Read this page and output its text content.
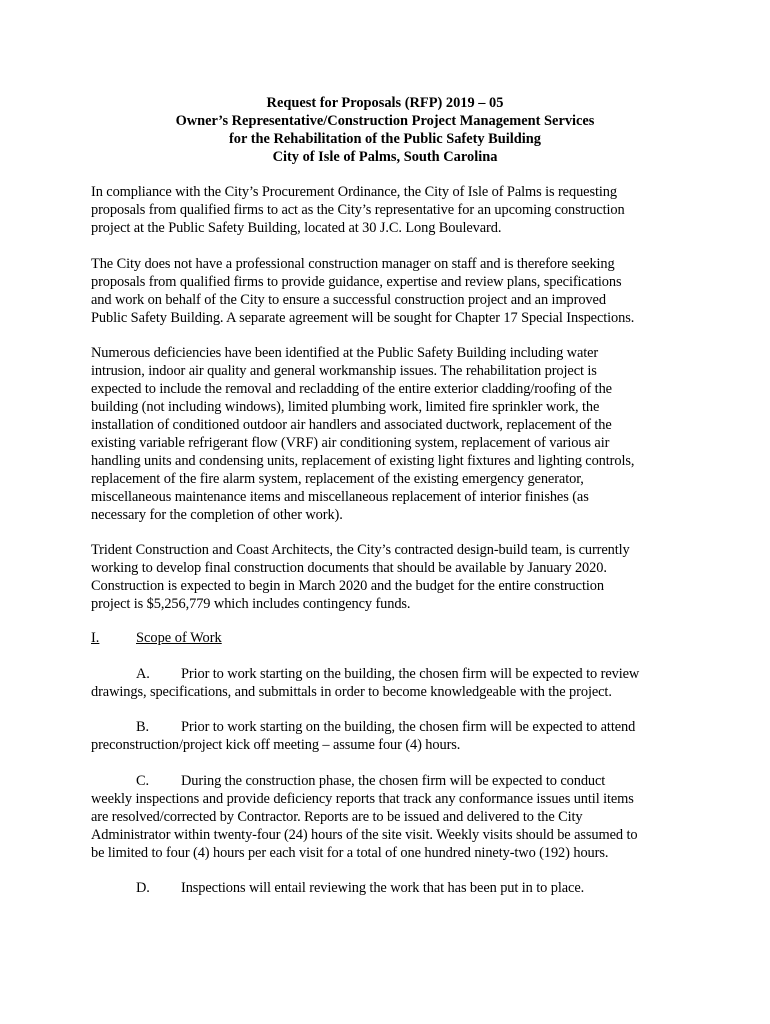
Request for Proposals (RFP) 2019 – 05
Owner’s Representative/Construction Project Management Services
for the Rehabilitation of the Public Safety Building
City of Isle of Palms, South Carolina
In compliance with the City’s Procurement Ordinance, the City of Isle of Palms is requesting
proposals from qualified firms to act as the City’s representative for an upcoming construction
project at the Public Safety Building, located at 30 J.C. Long Boulevard.
The City does not have a professional construction manager on staff and is therefore seeking
proposals from qualified firms to provide guidance, expertise and review plans, specifications
and work on behalf of the City to ensure a successful construction project and an improved
Public Safety Building. A separate agreement will be sought for Chapter 17 Special Inspections.
Numerous deficiencies have been identified at the Public Safety Building including water
intrusion, indoor air quality and general workmanship issues. The rehabilitation project is
expected to include the removal and recladding of the entire exterior cladding/roofing of the
building (not including windows), limited plumbing work, limited fire sprinkler work, the
installation of conditioned outdoor air handlers and associated ductwork, replacement of the
existing variable refrigerant flow (VRF) air conditioning system, replacement of various air
handling units and condensing units, replacement of existing light fixtures and lighting controls,
replacement of the fire alarm system, replacement of the existing emergency generator,
miscellaneous maintenance items and miscellaneous replacement of interior finishes (as
necessary for the completion of other work).
Trident Construction and Coast Architects, the City’s contracted design-build team, is currently
working to develop final construction documents that should be available by January 2020.
Construction is expected to begin in March 2020 and the budget for the entire construction
project is $5,256,779 which includes contingency funds.
I.	Scope of Work
A. Prior to work starting on the building, the chosen firm will be expected to review
drawings, specifications, and submittals in order to become knowledgeable with the project.
B. Prior to work starting on the building, the chosen firm will be expected to attend
preconstruction/project kick off meeting – assume four (4) hours.
C. During the construction phase, the chosen firm will be expected to conduct
weekly inspections and provide deficiency reports that track any conformance issues until items
are resolved/corrected by Contractor. Reports are to be issued and delivered to the City
Administrator within twenty-four (24) hours of the site visit. Weekly visits should be assumed to
be limited to four (4) hours per each visit for a total of one hundred ninety-two (192) hours.
D. Inspections will entail reviewing the work that has been put in to place.
